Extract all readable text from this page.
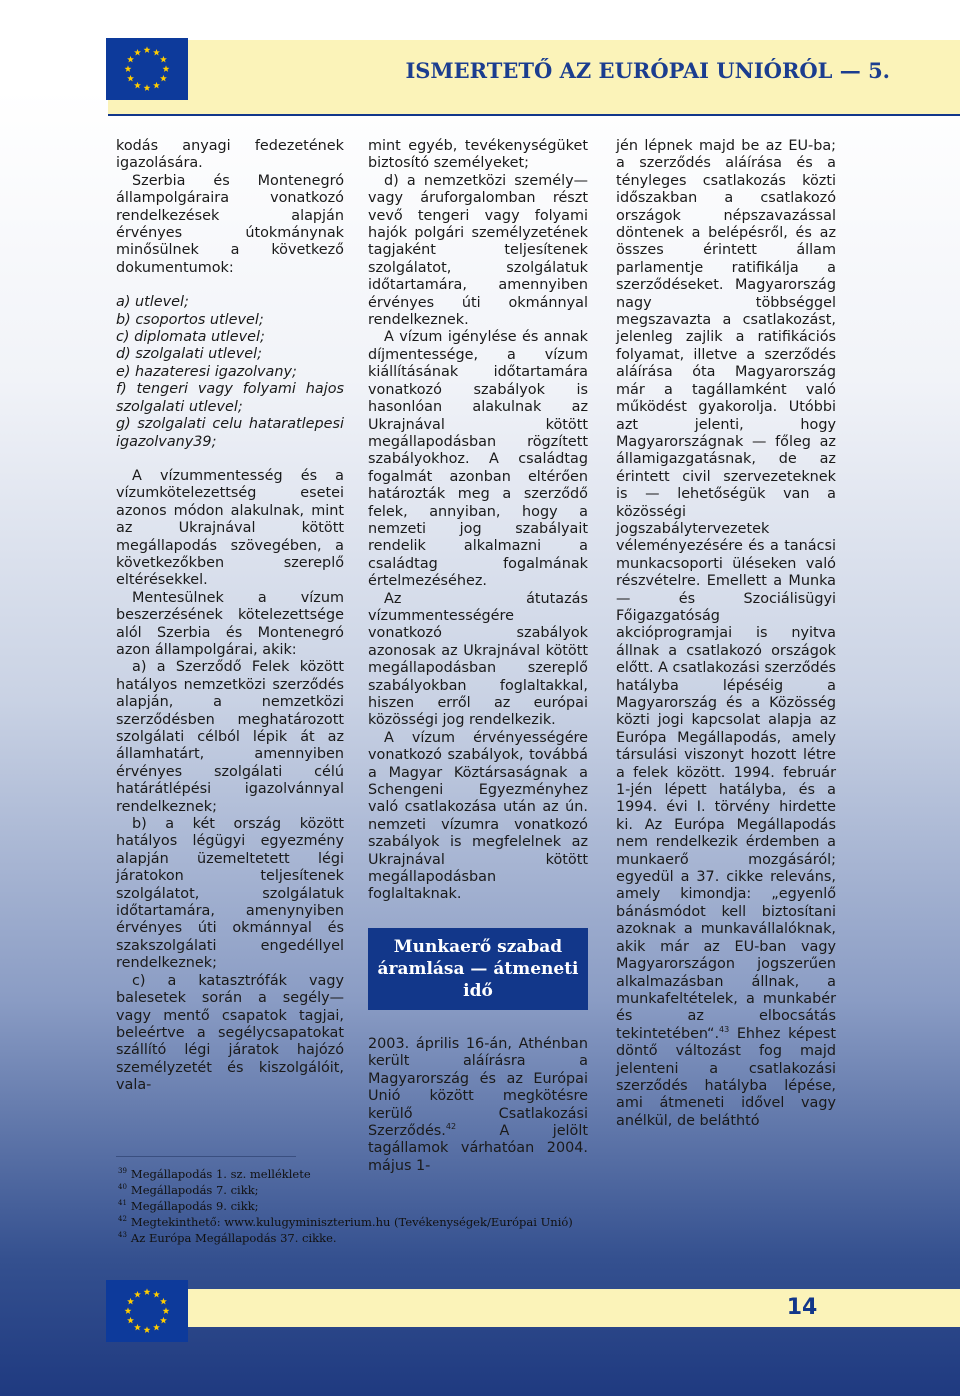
ISMERTETŐ AZ EURÓPAI UNIÓRÓL — 5.

kodás anyagi fedezetének igazolására.

Szerbia és Montenegró állampolgáraira vonatkozó rendelkezések alapján érvényes útokmánynak minősülnek a következő dokumentumok:

a) utlevel;

b) csoportos utlevel;

c) diplomata utlevel;

d) szolgalati utlevel;

e) hazateresi igazolvany;

f) tengeri vagy folyami hajos szolgalati utlevel;

g) szolgalati celu hataratlepesi igazolvany39;

A vízummentesség és a vízumkötelezettség esetei azonos módon alakulnak, mint az Ukrajnával kötött megállapodás szövegében, a következőkben szereplő eltérésekkel.

Mentesülnek a vízum beszerzésének kötelezettsége alól Szerbia és Montenegró azon állampolgárai, akik:

a) a Szerződő Felek között hatályos nemzetközi szerződés alapján, a nemzetközi szerződésben meghatározott szolgálati célból lépik át az államhatárt, amennyiben érvényes szolgálati célú határátlépési igazolvánnyal rendelkeznek;

b) a két ország között hatályos légügyi egyezmény alapján üzemeltetett légi járatokon teljesítenek szolgálatot, szolgálatuk időtartamára, amenynyiben érvényes úti okmánnyal és szakszolgálati engedéllyel rendelkeznek;

c) a katasztrófák vagy balesetek során a segély— vagy mentő csapatok tagjai, beleértve a segélycsapatokat szállító légi járatok hajózó személyzetét és kiszolgálóit, vala-

mint egyéb, tevékenységüket biztosító személyeket;

d) a nemzetközi személy—vagy áruforgalomban részt vevő tengeri vagy folyami hajók polgári személyzetének tagjaként teljesítenek szolgálatot, szolgálatuk időtartamára, amennyiben érvényes úti okmánnyal rendelkeznek.

A vízum igénylése és annak díjmentessége, a vízum kiállításának időtartamára vonatkozó szabályok is hasonlóan alakulnak az Ukrajnával kötött megállapodásban rögzített szabályokhoz. A családtag fogalmát azonban eltérően határozták meg a szerződő felek, annyiban, hogy a nemzeti jog szabályait rendelik alkalmazni a családtag fogalmának értelmezéséhez.

Az átutazás vízummentességére vonatkozó szabályok azonosak az Ukrajnával kötött megállapodásban szereplő szabályokban foglaltakkal, hiszen erről az európai közösségi jog rendelkezik.

A vízum érvényességére vonatkozó szabályok, továbbá a Magyar Köztársaságnak a Schengeni Egyezményhez való csatlakozása után az ún. nemzeti vízumra vonatkozó szabályok is megfelelnek az Ukrajnával kötött megállapodásban foglaltaknak.

Munkaerő szabad áramlása — átmeneti idő

2003. április 16-án, Athénban került aláírásra a Magyarország és az Európai Unió között megkötésre kerülő Csatlakozási Szerződés.$^{42}$ A jelölt tagállamok várhatóan 2004. május 1-

jén lépnek majd be az EU-ba; a szerződés aláírása és a tényleges csatlakozás közti időszakban a csatlakozó országok népszavazással döntenek a belépésről, és az összes érintett állam parlamentje ratifikálja a szerződéseket. Magyarország nagy többséggel megszavazta a csatlakozást, jelenleg zajlik a ratifikációs folyamat, illetve a szerződés aláírása óta Magyarország már a tagállamként való működést gyakorolja. Utóbbi azt jelenti, hogy Magyarországnak — főleg az államigazgatásnak, de az érintett civil szervezeteknek is — lehetőségük van a közösségi jogszabálytervezetek véleményezésére és a tanácsi munkacsoporti üléseken való részvételre. Emellett a Munka— és Szociálisügyi Főigazgatóság akcióprogramjai is nyitva állnak a csatlakozó országok előtt. A csatlakozási szerződés hatályba lépéséig a Magyarország és a Közösség közti jogi kapcsolat alapja az Európa Megállapodás, amely társulási viszonyt hozott létre a felek között. 1994. február 1-jén lépett hatályba, és a 1994. évi I. törvény hirdette ki. Az Európa Megállapodás nem rendelkezik érdemben a munkaerő mozgásáról; egyedül a 37. cikke releváns, amely kimondja: „egyenlő bánásmódot kell biztosítani azoknak a munkavállalóknak, akik már az EU-ban vagy Magyarországon jogszerűen alkalmazásban állnak, a munkafeltételek, a munkabér és az elbocsátás tekintetében“.$^{43}$ Ehhez képest döntő változást fog majd jelenteni a csatlakozási szerződés hatályba lépése, ami átmeneti idővel vagy anélkül, de beláthtó

$^{39}$ Megállapodás 1. sz. melléklete
$^{40}$ Megállapodás 7. cikk;
$^{41}$ Megállapodás 9. cikk;
$^{42}$ Megtekinthető: www.kulugyminiszterium.hu (Tevékenységek/Európai Unió)
$^{43}$ Az Európa Megállapodás 37. cikke.
14
